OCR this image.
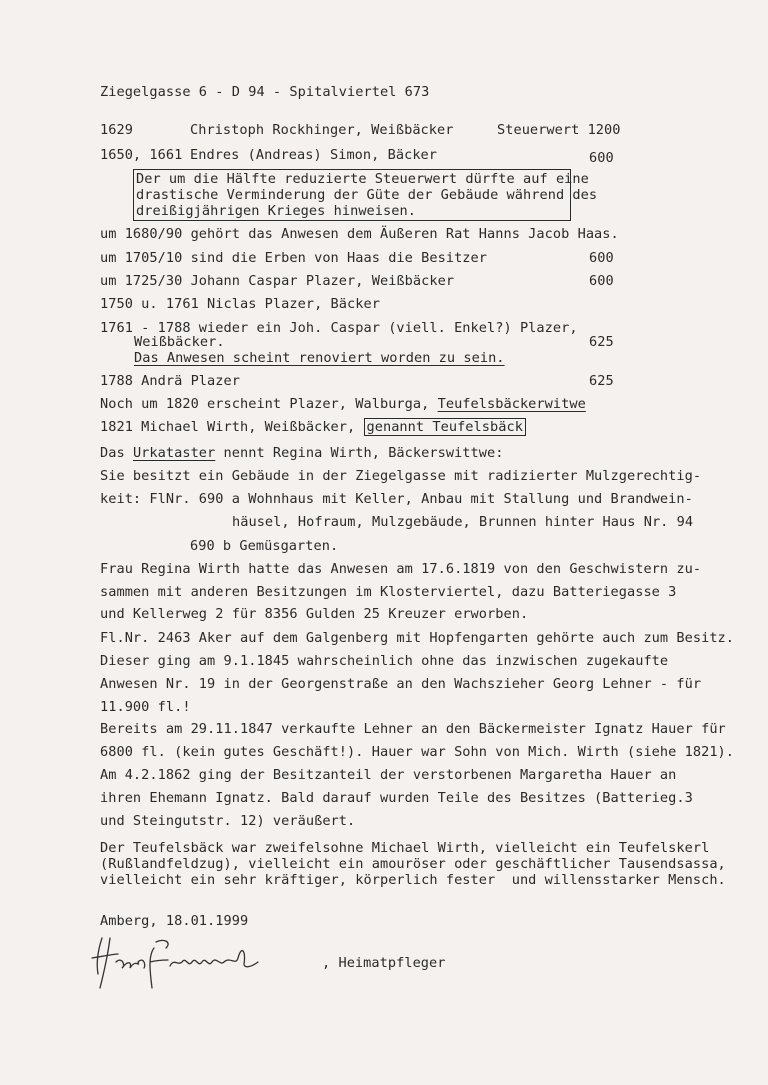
Ziegelgasse 6 - D 94 - Spitalviertel 673
1629	Christoph Rockhinger, Weißbäcker	Steuerwert 1200
1650, 1661 Endres (Andreas) Simon, Bäcker	600
Der um die Hälfte reduzierte Steuerwert dürfte auf eine
drastische Verminderung der Güte der Gebäude während des
dreißigjährigen Krieges hinweisen.
um 1680/90 gehört das Anwesen dem Äußeren Rat Hanns Jacob Haas.
um 1705/10 sind die Erben von Haas die Besitzer	600
um 1725/30 Johann Caspar Plazer, Weißbäcker	600
1750 u. 1761 Niclas Plazer, Bäcker
1761 - 1788 wieder ein Joh. Caspar (viell. Enkel?) Plazer,
Weißbäcker.	625
Das Anwesen scheint renoviert worden zu sein.
1788 Andrä Plazer	625
Noch um 1820 erscheint Plazer, Walburga, Teufelsbäckerwitwe
1821 Michael Wirth, Weißbäcker, genannt Teufelsbäck
Das Urkataster nennt Regina Wirth, Bäckerswittwe:
Sie besitzt ein Gebäude in der Ziegelgasse mit radizierter Mulzgerechtig-
keit: FlNr. 690 a Wohnhaus mit Keller, Anbau mit Stallung und Brandwein-
häusel, Hofraum, Mulzgebäude, Brunnen hinter Haus Nr. 94
690 b Gemüsgarten.
Frau Regina Wirth hatte das Anwesen am 17.6.1819 von den Geschwistern zu-
sammen mit anderen Besitzungen im Klosterviertel, dazu Batteriegasse 3
und Kellerweg 2 für 8356 Gulden 25 Kreuzer erworben.
Fl.Nr. 2463 Aker auf dem Galgenberg mit Hopfengarten gehörte auch zum Besitz.
Dieser ging am 9.1.1845 wahrscheinlich ohne das inzwischen zugekaufte
Anwesen Nr. 19 in der Georgenstraße an den Wachszieher Georg Lehner - für
11.900 fl.!
Bereits am 29.11.1847 verkaufte Lehner an den Bäckermeister Ignatz Hauer für
6800 fl. (kein gutes Geschäft!). Hauer war Sohn von Mich. Wirth (siehe 1821).
Am 4.2.1862 ging der Besitzanteil der verstorbenen Margaretha Hauer an
ihren Ehemann Ignatz. Bald darauf wurden Teile des Besitzes (Batterieg.3
und Steingutstr. 12) veräußert.
Der Teufelsbäck war zweifelsohne Michael Wirth, vielleicht ein Teufelskerl
(Rußlandfeldzug), vielleicht ein amouröser oder geschäftlicher Tausendsassa,
vielleicht ein sehr kräftiger, körperlich fester  und willensstarker Mensch.
Amberg, 18.01.1999
, Heimatpfleger
